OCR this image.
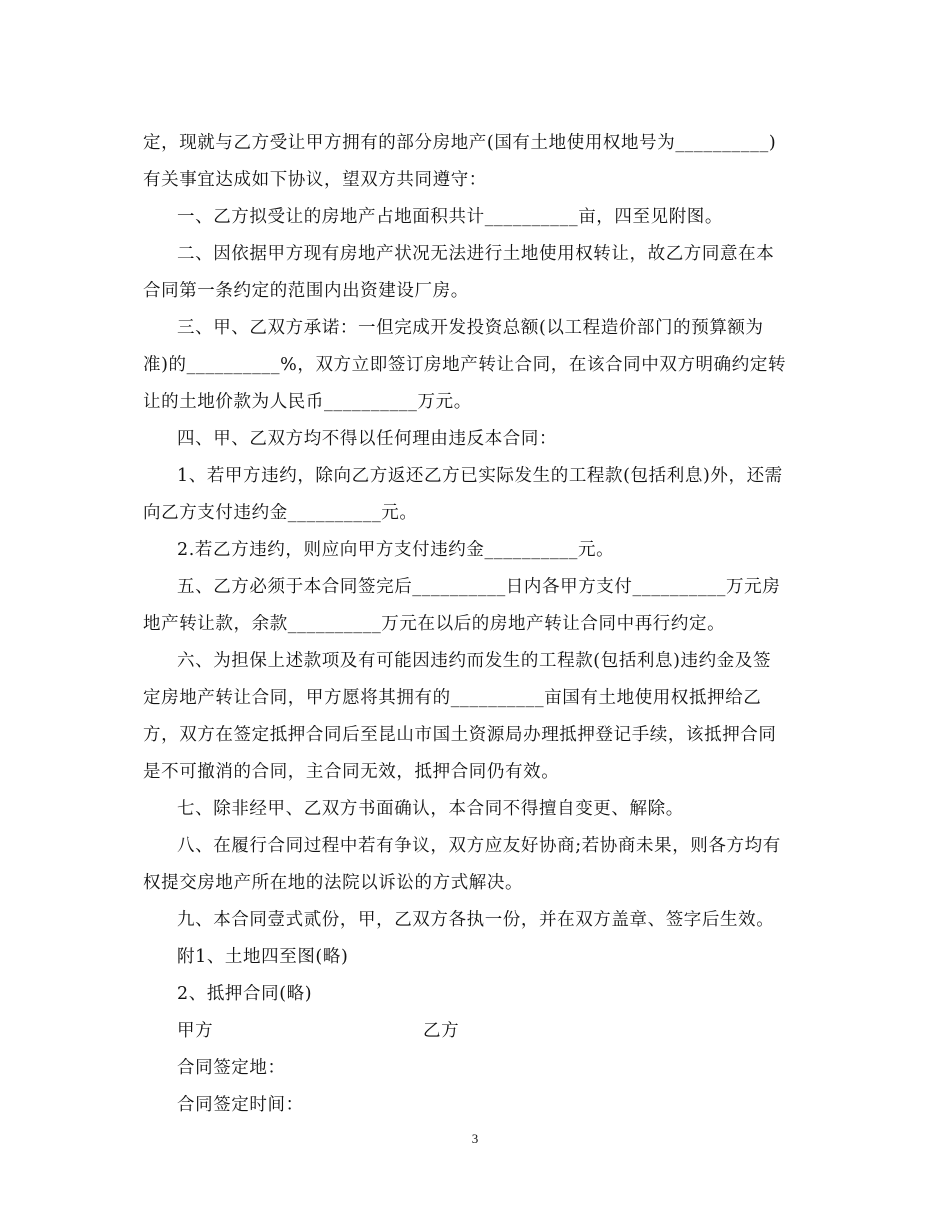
定，现就与乙方受让甲方拥有的部分房地产(国有土地使用权地号为__________)
有关事宜达成如下协议，望双方共同遵守：
一、乙方拟受让的房地产占地面积共计__________亩，四至见附图。
二、因依据甲方现有房地产状况无法进行土地使用权转让，故乙方同意在本
合同第一条约定的范围内出资建设厂房。
三、甲、乙双方承诺：一但完成开发投资总额(以工程造价部门的预算额为
准)的__________%，双方立即签订房地产转让合同，在该合同中双方明确约定转
让的土地价款为人民币__________万元。
四、甲、乙双方均不得以任何理由违反本合同：
1、若甲方违约，除向乙方返还乙方已实际发生的工程款(包括利息)外，还需
向乙方支付违约金__________元。
2.若乙方违约，则应向甲方支付违约金__________元。
五、乙方必须于本合同签完后__________日内各甲方支付__________万元房
地产转让款，余款__________万元在以后的房地产转让合同中再行约定。
六、为担保上述款项及有可能因违约而发生的工程款(包括利息)违约金及签
定房地产转让合同，甲方愿将其拥有的__________亩国有土地使用权抵押给乙
方，双方在签定抵押合同后至昆山市国土资源局办理抵押登记手续，该抵押合同
是不可撤消的合同，主合同无效，抵押合同仍有效。
七、除非经甲、乙双方书面确认，本合同不得擅自变更、解除。
八、在履行合同过程中若有争议，双方应友好协商;若协商未果，则各方均有
权提交房地产所在地的法院以诉讼的方式解决。
九、本合同壹式贰份，甲，乙双方各执一份，并在双方盖章、签字后生效。
附1、土地四至图(略)
2、抵押合同(略)
甲方	乙方
合同签定地：
合同签定时间：
3
